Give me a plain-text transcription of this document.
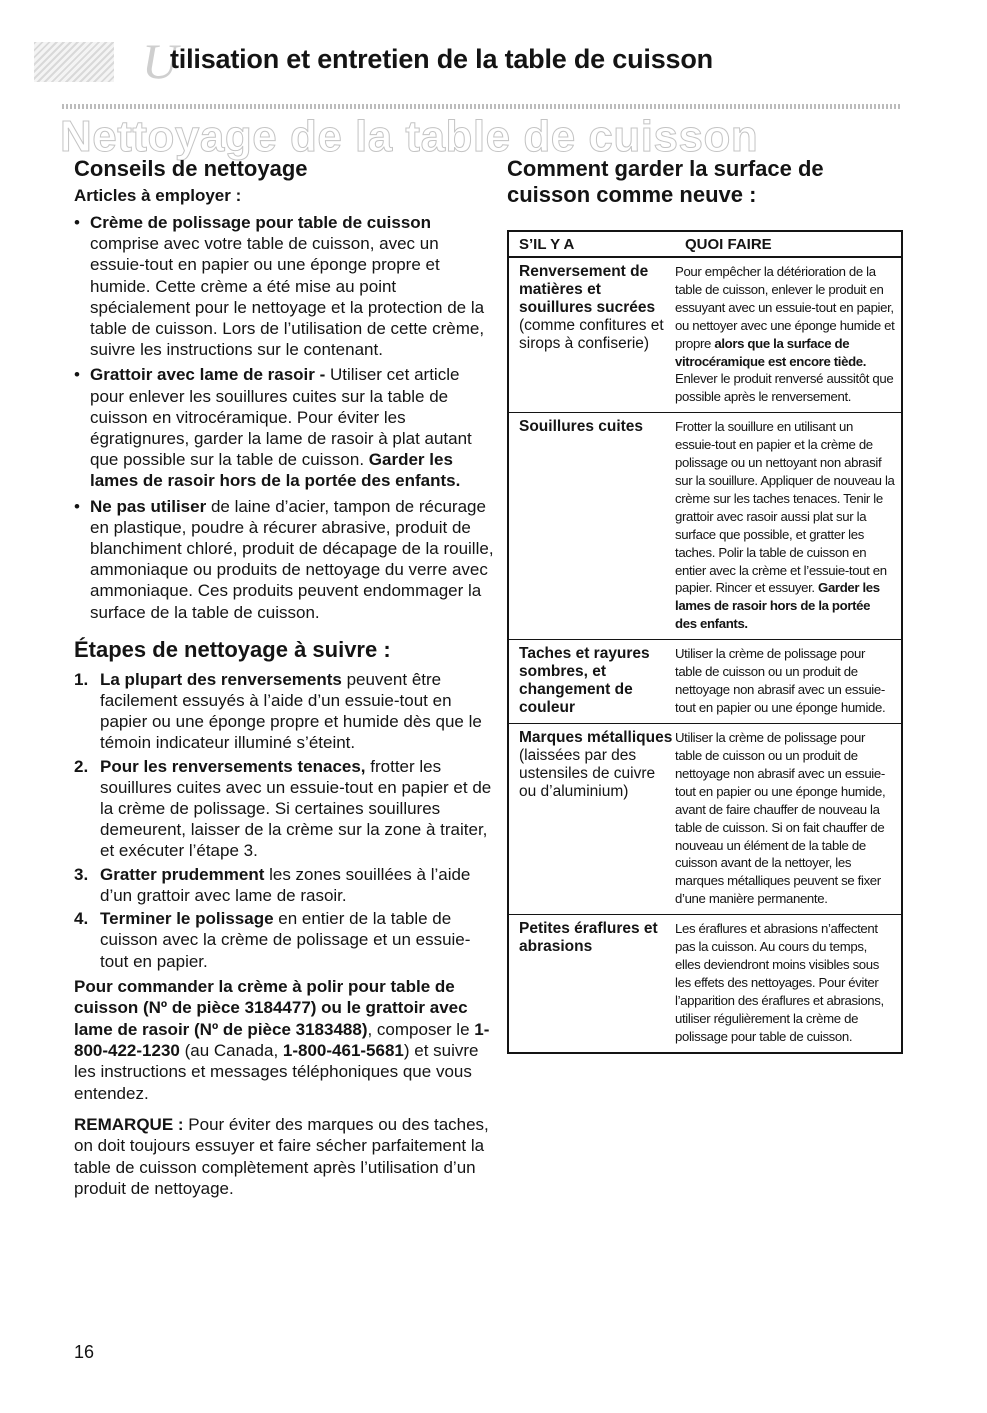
U
tilisation et entretien de la table de cuisson
Nettoyage de la table de cuisson
Conseils de nettoyage
Articles à employer :
• Crème de polissage pour table de cuisson comprise avec votre table de cuisson, avec un essuie-tout en papier ou une éponge propre et humide. Cette crème a été mise au point spécialement pour le nettoyage et la protection de la table de cuisson. Lors de l’utilisation de cette crème, suivre les instructions sur le contenant.
• Grattoir avec lame de rasoir - Utiliser cet article pour enlever les souillures cuites sur la table de cuisson en vitrocéramique. Pour éviter les égratignures, garder la lame de rasoir à plat autant que possible sur la table de cuisson. Garder les lames de rasoir hors de la portée des enfants.
• Ne pas utiliser de laine d’acier, tampon de récurage en plastique, poudre à récurer abrasive, produit de blanchiment chloré, produit de décapage de la rouille, ammoniaque ou produits de nettoyage du verre avec ammoniaque. Ces produits peuvent endommager la surface de la table de cuisson.
Étapes de nettoyage à suivre :
1. La plupart des renversements peuvent être facilement essuyés à l’aide d’un essuie-tout en papier ou une éponge propre et humide dès que le témoin indicateur illuminé s’éteint.
2. Pour les renversements tenaces, frotter les souillures cuites avec un essuie-tout en papier et de la crème de polissage. Si certaines souillures demeurent, laisser de la crème sur la zone à traiter, et exécuter l’étape 3.
3. Gratter prudemment les zones souillées à l’aide d’un grattoir avec lame de rasoir.
4. Terminer le polissage en entier de la table de cuisson avec la crème de polissage et un essuie-tout en papier.

Pour commander la crème à polir pour table de cuisson (Nº de pièce 3184477) ou le grattoir avec lame de rasoir (Nº de pièce 3183488), composer le 1-800-422-1230 (au Canada, 1-800-461-5681) et suivre les instructions et messages téléphoniques que vous entendez.

REMARQUE : Pour éviter des marques ou des taches, on doit toujours essuyer et faire sécher parfaitement la table de cuisson complètement après l’utilisation d’un produit de nettoyage.

Comment garder la surface de cuisson comme neuve :
S’IL Y A	QUOI FAIRE
Renversement de matières et souillures sucrées (comme confitures et sirops à confiserie)
Pour empêcher la détérioration de la table de cuisson, enlever le produit en essuyant avec un essuie-tout en papier, ou nettoyer avec une éponge humide et propre alors que la surface de vitrocéramique est encore tiède. Enlever le produit renversé aussitôt que possible après le renversement.
Souillures cuites	Frotter la souillure en utilisant un essuie-tout en papier et la crème de polissage ou un nettoyant non abrasif sur la souillure. Appliquer de nouveau la crème sur les taches tenaces. Tenir le grattoir avec rasoir aussi plat sur la surface que possible, et gratter les taches. Polir la table de cuisson en entier avec la crème et l’essuie-tout en papier. Rincer et essuyer. Garder les lames de rasoir hors de la portée des enfants.
Taches et rayures sombres, et changement de couleur
Utiliser la crème de polissage pour table de cuisson ou un produit de nettoyage non abrasif avec un essuie-tout en papier ou une éponge humide.
Marques métalliques (laissées par des ustensiles de cuivre ou d’aluminium)
Utiliser la crème de polissage pour table de cuisson ou un produit de nettoyage non abrasif avec un essuie-tout en papier ou une éponge humide, avant de faire chauffer de nouveau la table de cuisson. Si on fait chauffer de nouveau un élément de la table de cuisson avant de la nettoyer, les marques métalliques peuvent se fixer d’une manière permanente.
Petites éraflures et abrasions
Les éraflures et abrasions n’affectent pas la cuisson. Au cours du temps, elles deviendront moins visibles sous les effets des nettoyages. Pour éviter l’apparition des éraflures et abrasions, utiliser régulièrement la crème de polissage pour table de cuisson.
16
